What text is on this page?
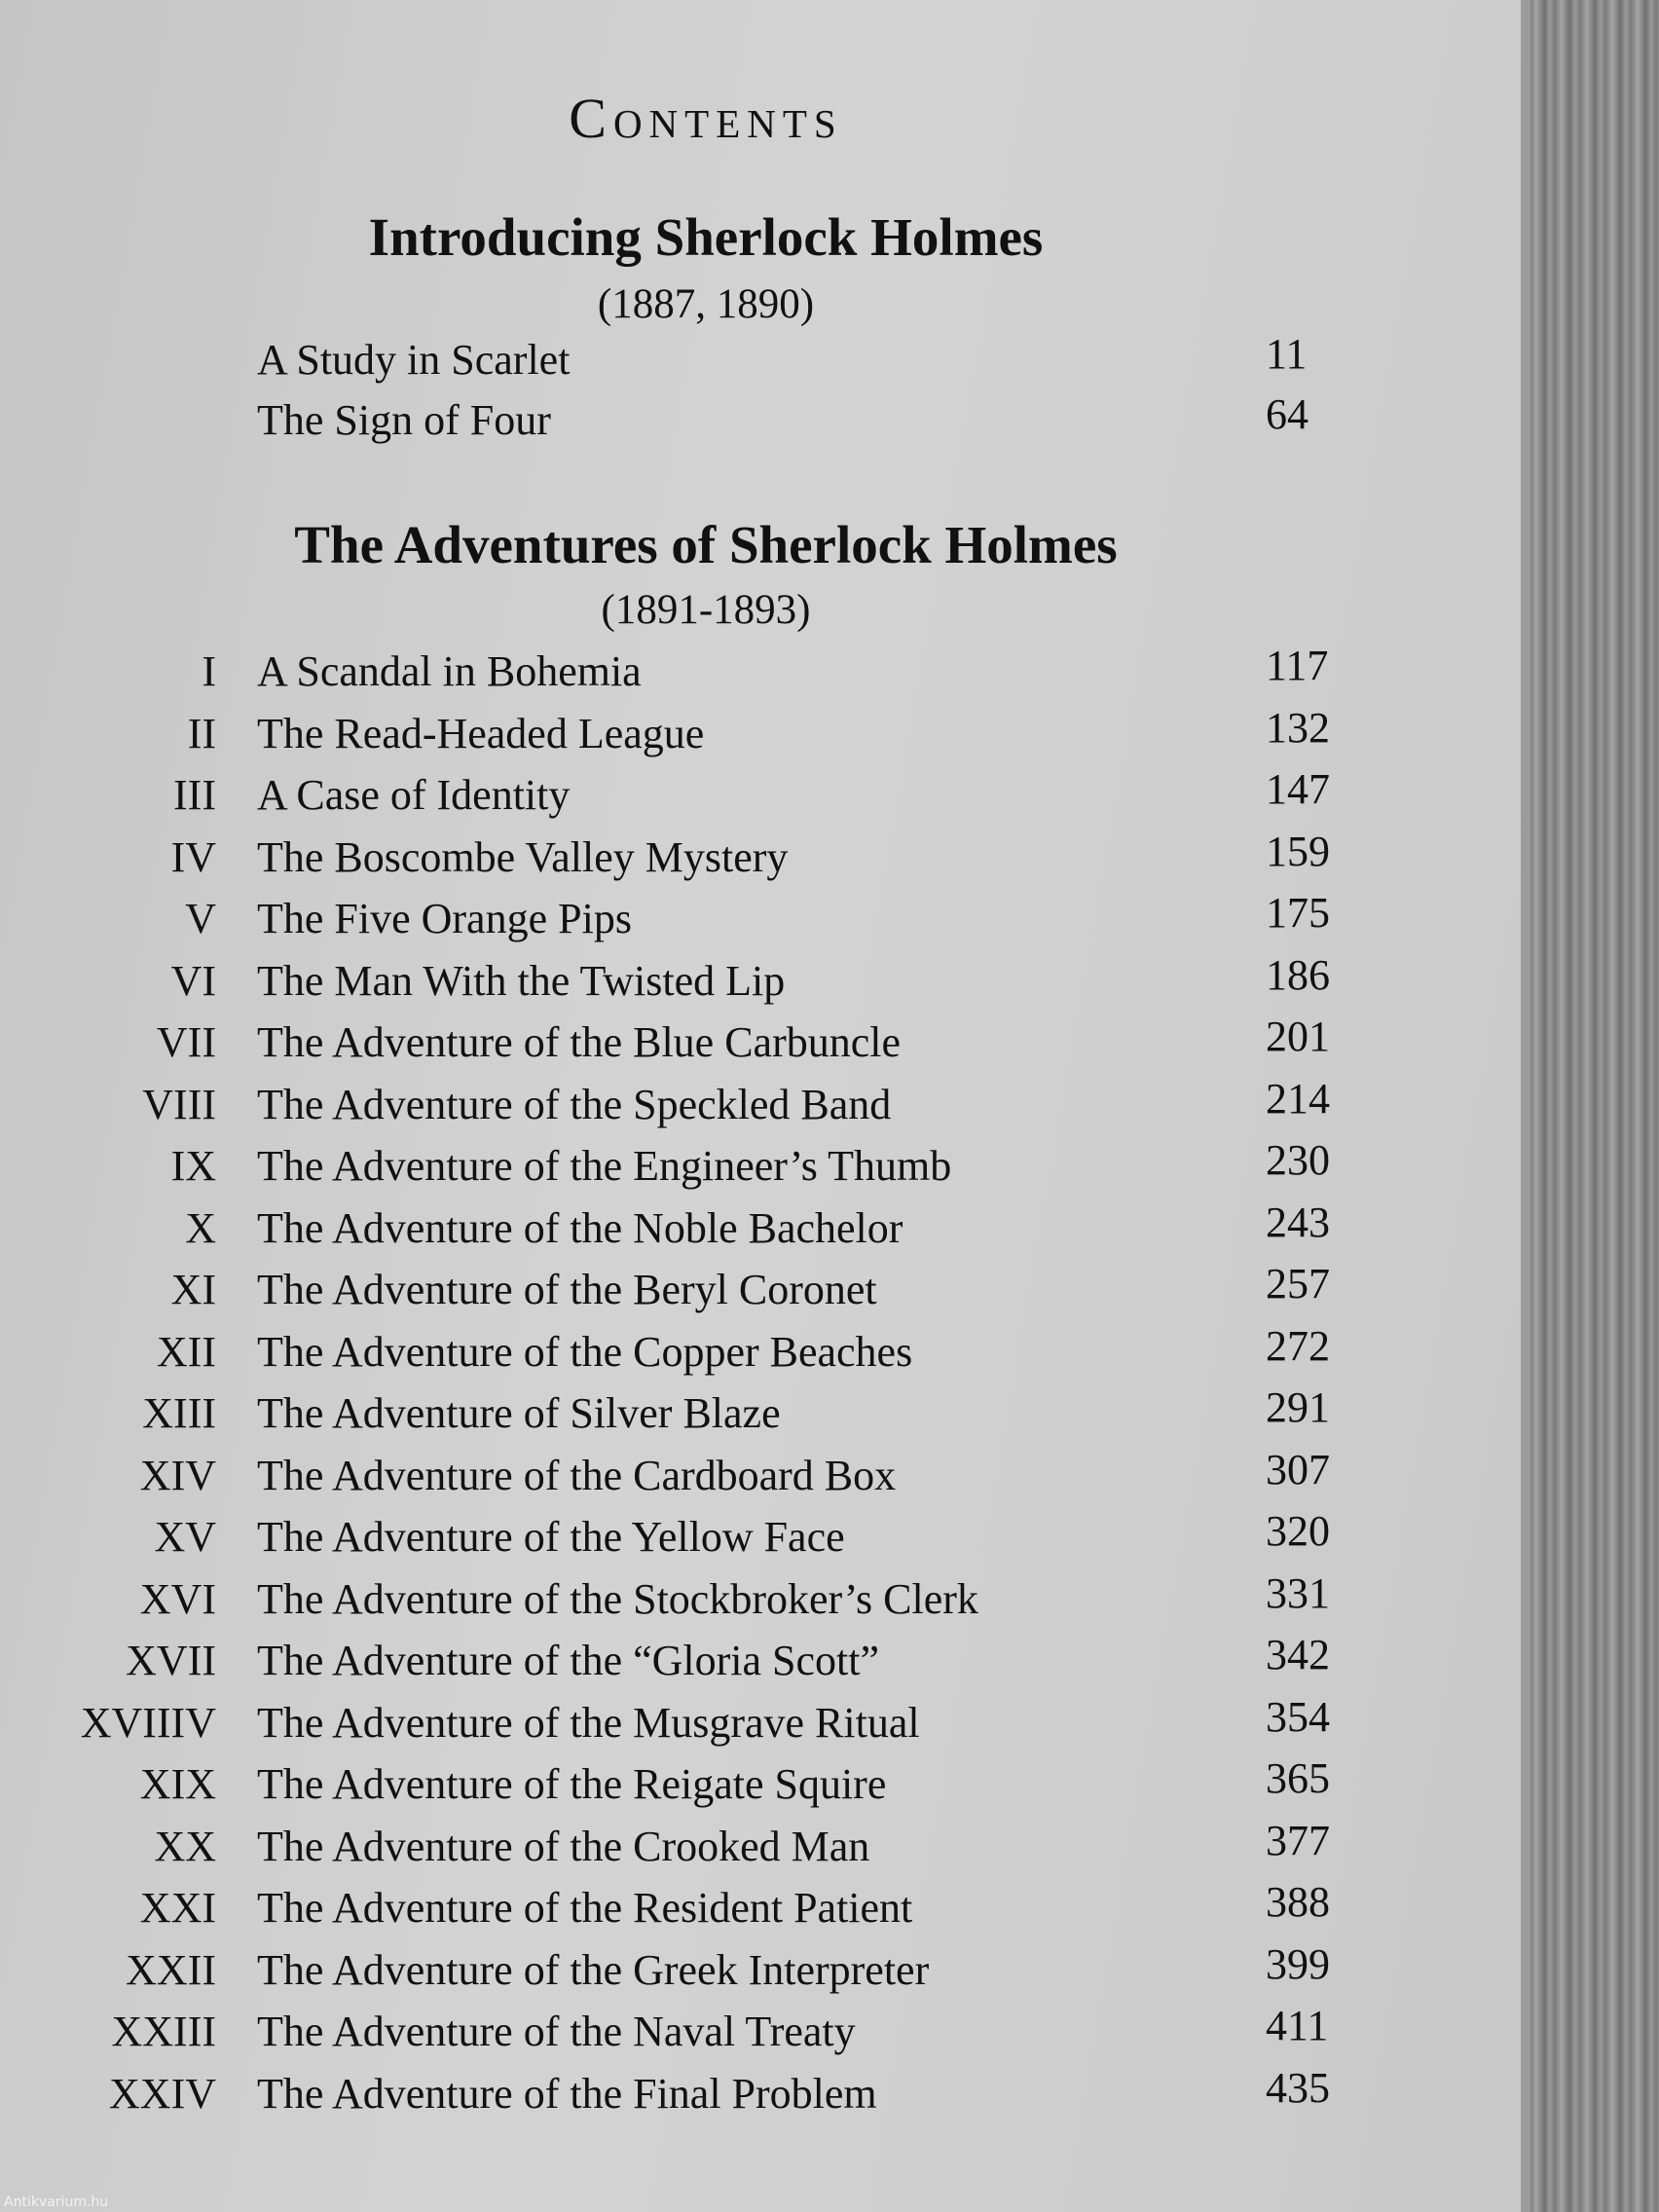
Contents
Introducing Sherlock Holmes
(1887, 1890)
The Adventures of Sherlock Holmes
(1891-1893)
A Study in Scarlet	11
The Sign of Four	64
I A Scandal in Bohemia	117
II The Read-Headed League	132
III A Case of Identity	147
IV The Boscombe Valley Mystery	159
V The Five Orange Pips	175
VI The Man With the Twisted Lip	186
VII The Adventure of the Blue Carbuncle	201
VIII The Adventure of the Speckled Band	214
IX The Adventure of the Engineer’s Thumb	230
X The Adventure of the Noble Bachelor	243
XI The Adventure of the Beryl Coronet	257
XII The Adventure of the Copper Beaches	272
XIII The Adventure of Silver Blaze	291
XIV The Adventure of the Cardboard Box	307
XV The Adventure of the Yellow Face	320
XVI The Adventure of the Stockbroker’s Clerk	331
XVII The Adventure of the “Gloria Scott”	342
XVIIIV The Adventure of the Musgrave Ritual	354
XIX The Adventure of the Reigate Squire	365
XX The Adventure of the Crooked Man	377
XXI The Adventure of the Resident Patient	388
XXII The Adventure of the Greek Interpreter	399
XXIII The Adventure of the Naval Treaty	411
XXIV The Adventure of the Final Problem	435
Antikvarium.hu
